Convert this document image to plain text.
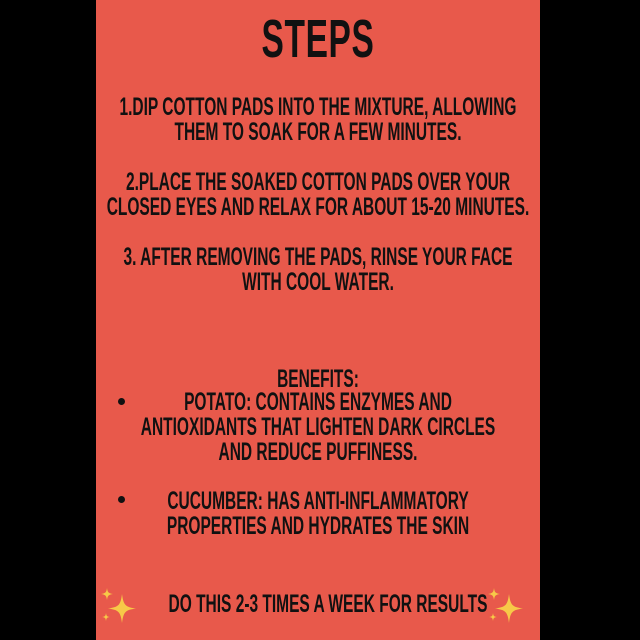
STEPS
1.DIP COTTON PADS INTO THE MIXTURE, ALLOWING
THEM TO SOAK FOR A FEW MINUTES.
2.PLACE THE SOAKED COTTON PADS OVER YOUR
CLOSED EYES AND RELAX FOR ABOUT 15-20 MINUTES.
3. AFTER REMOVING THE PADS, RINSE YOUR FACE
WITH COOL WATER.
BENEFITS:
POTATO: CONTAINS ENZYMES AND
ANTIOXIDANTS THAT LIGHTEN DARK CIRCLES
AND REDUCE PUFFINESS.
CUCUMBER: HAS ANTI-INFLAMMATORY
PROPERTIES AND HYDRATES THE SKIN
DO THIS 2-3 TIMES A WEEK FOR RESULTS
